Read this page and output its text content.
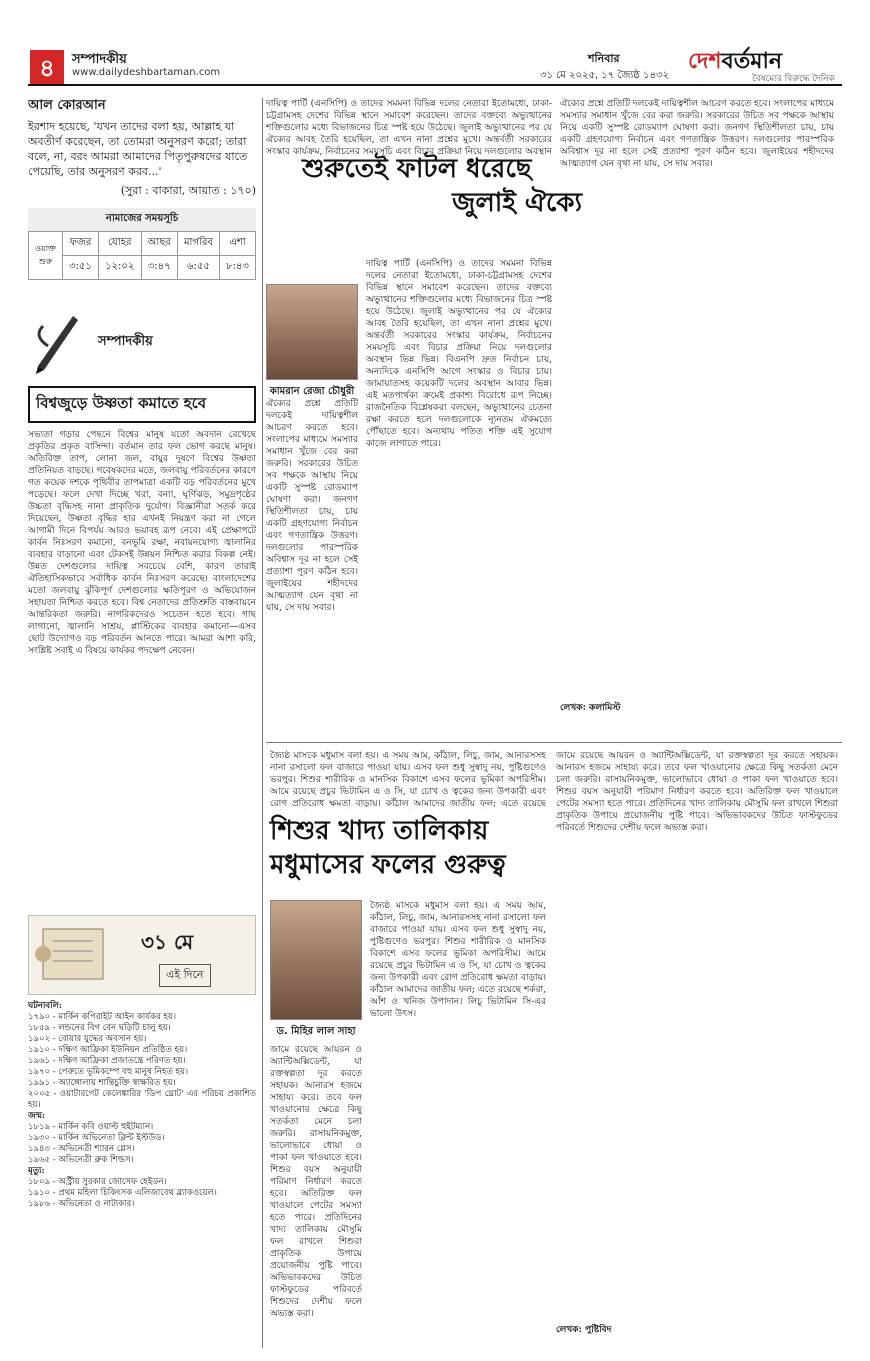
৪	সম্পাদকীয়
www.dailydeshbartaman.com
শনিবার
৩১ মে ২০২৫, ১৭ জ্যৈষ্ঠ ১৪৩২
দেশবর্তমান
বৈষম্যের বিরুদ্ধে দৈনিক
আল কোরআন
ইরশাদ হয়েছে, 'যখন তাদের বলা হয়, আল্লাহ যা অবতীর্ণ করেছেন, তা তোমরা অনুসরণ করো; তারা বলে, না, বরং আমরা আমাদের পিতৃপুরুষদের যাতে পেয়েছি, তার অনুসরণ করব...'
(সুরা : বাকারা, আয়াত : ১৭০)
নামাজের সময়সূচি
ওয়াক্ত শুরু	ফজর	যোহর	আছর	মাগরিব	এশা
	৩:৫১	১২:০২	৩:৪৭	৬:৫৫	৮:৪৩
সম্পাদকীয়
বিশ্বজুড়ে উষ্ণতা কমাতে হবে
সভ্যতা গড়ার পেছনে বিশ্বের মানুষ যতো অবদান রেখেছে প্রকৃতির প্রকৃত বাসিন্দা। বর্তমান তার ফল ভোগ করছে মানুষ। অতিরিক্ত তাপ, লোনা জল, বায়ুর দূষণে বিশ্বের উষ্ণতা প্রতিনিয়ত বাড়ছে। গবেষকদের মতে, জলবায়ু পরিবর্তনের কারণে গত কয়েক দশকে পৃথিবীর তাপমাত্রা একটি বড় পরিবর্তনের মুখে পড়েছে। ফলে দেখা দিচ্ছে খরা, বন্যা, ঘূর্ণিঝড়, সমুদ্রপৃষ্ঠের উচ্চতা বৃদ্ধিসহ নানা প্রাকৃতিক দুর্যোগ। বিজ্ঞানীরা সতর্ক করে দিয়েছেন, উষ্ণতা বৃদ্ধির হার এখনই নিয়ন্ত্রণ করা না গেলে আগামী দিনে বিপর্যয় আরও ভয়াবহ রূপ নেবে। এই প্রেক্ষাপটে কার্বন নিঃসরণ কমানো, বনভূমি রক্ষা, নবায়নযোগ্য জ্বালানির ব্যবহার বাড়ানো এবং টেকসই উন্নয়ন নিশ্চিত করার বিকল্প নেই। উন্নত দেশগুলোর দায়িত্ব সবচেয়ে বেশি, কারণ তারাই ঐতিহাসিকভাবে সর্বাধিক কার্বন নিঃসরণ করেছে। বাংলাদেশের মতো জলবায়ু ঝুঁকিপূর্ণ দেশগুলোর ক্ষতিপূরণ ও অভিযোজন সহায়তা নিশ্চিত করতে হবে। বিশ্ব নেতাদের প্রতিশ্রুতি বাস্তবায়নে আন্তরিকতা জরুরি। নাগরিকদেরও সচেতন হতে হবে। গাছ লাগানো, জ্বালানি সাশ্রয়, প্লাস্টিকের ব্যবহার কমানো—এসব ছোট উদ্যোগও বড় পরিবর্তন আনতে পারে। আমরা আশা করি, সংশ্লিষ্ট সবাই এ বিষয়ে কার্যকর পদক্ষেপ নেবেন।
৩১ মে
এই দিনে
ঘটনাবলি:
১৭৯০ - মার্কিন কপিরাইট আইন কার্যকর হয়।
১৮৫৯ - লন্ডনের বিগ বেন ঘড়িটি চালু হয়।
১৯০২ - বোয়ার যুদ্ধের অবসান হয়।
১৯১০ - দক্ষিণ আফ্রিকা ইউনিয়ন প্রতিষ্ঠিত হয়।
১৯৬১ - দক্ষিণ আফ্রিকা প্রজাতন্ত্রে পরিণত হয়।
১৯৭০ - পেরুতে ভূমিকম্পে বহু মানুষ নিহত হয়।
১৯৯১ - অ্যাঙ্গোলায় শান্তিচুক্তি স্বাক্ষরিত হয়।
২০০৫ - ওয়াটারগেট কেলেঙ্কারির 'ডিপ থ্রোট' এর পরিচয় প্রকাশিত হয়।
জন্ম:
১৮১৯ - মার্কিন কবি ওয়াল্ট হুইটম্যান।
১৯৩০ - মার্কিন অভিনেতা ক্লিন্ট ইস্টউড।
১৯৪৩ - অভিনেত্রী শ্যারন গ্লেস।
১৯৬৫ - অভিনেত্রী ব্রুক শিল্ডস।
মৃত্যু:
১৮০৯ - অস্ট্রীয় সুরকার জোসেফ হেইডন।
১৯১০ - প্রথম মহিলা চিকিৎসক এলিজাবেথ ব্ল্যাকওয়েল।
১৯৮৬ - অভিনেতা ও নাট্যকার।
দায়িত্ব পার্টি (এনসিপি) ও তাদের সমমনা বিভিন্ন দলের নেতারা ইতোমধ্যে, ঢাকা-চট্টগ্রামসহ দেশের বিভিন্ন স্থানে সমাবেশ করেছেন। তাদের বক্তব্যে অভ্যুত্থানের শক্তিগুলোর মধ্যে বিভাজনের চিত্র স্পষ্ট হয়ে উঠেছে। জুলাই অভ্যুত্থানের পর যে ঐক্যের আবহ তৈরি হয়েছিল, তা এখন নানা প্রশ্নের মুখে। অন্তর্বর্তী সরকারের সংস্কার কার্যক্রম, নির্বাচনের সময়সূচি এবং বিচার প্রক্রিয়া নিয়ে দলগুলোর অবস্থান
শুরুতেই ফাটল ধরেছে
জুলাই ঐক্যে
কামরান রেজা চৌধুরী
দায়িত্ব পার্টি (এনসিপি) ও তাদের সমমনা বিভিন্ন দলের নেতারা ইতোমধ্যে, ঢাকা-চট্টগ্রামসহ দেশের বিভিন্ন স্থানে সমাবেশ করেছেন। তাদের বক্তব্যে অভ্যুত্থানের শক্তিগুলোর মধ্যে বিভাজনের চিত্র স্পষ্ট হয়ে উঠেছে। জুলাই অভ্যুত্থানের পর যে ঐক্যের আবহ তৈরি হয়েছিল, তা এখন নানা প্রশ্নের মুখে। অন্তর্বর্তী সরকারের সংস্কার কার্যক্রম, নির্বাচনের সময়সূচি এবং বিচার প্রক্রিয়া নিয়ে দলগুলোর অবস্থান ভিন্ন ভিন্ন। বিএনপি দ্রুত নির্বাচন চায়, অন্যদিকে এনসিপি আগে সংস্কার ও বিচার চায়। জামায়াতসহ কয়েকটি দলের অবস্থান আবার ভিন্ন। এই মতপার্থক্য ক্রমেই প্রকাশ্য বিরোধে রূপ নিচ্ছে। রাজনৈতিক বিশ্লেষকরা বলছেন, অভ্যুত্থানের চেতনা রক্ষা করতে হলে দলগুলোকে ন্যূনতম ঐকমত্যে পৌঁছাতে হবে। অন্যথায় পতিত শক্তি এই সুযোগ কাজে লাগাতে পারে।
ঐক্যের প্রশ্নে প্রতিটি দলকেই দায়িত্বশীল আচরণ করতে হবে। সংলাপের মাধ্যমে সমস্যার সমাধান খুঁজে বের করা জরুরি। সরকারের উচিত সব পক্ষকে আস্থায় নিয়ে একটি সুস্পষ্ট রোডম্যাপ ঘোষণা করা। জনগণ স্থিতিশীলতা চায়, চায় একটি গ্রহণযোগ্য নির্বাচন এবং গণতান্ত্রিক উত্তরণ। দলগুলোর পারস্পরিক অবিশ্বাস দূর না হলে সেই প্রত্যাশা পূরণ কঠিন হবে। জুলাইয়ের শহীদদের আত্মত্যাগ যেন বৃথা না যায়, সে দায় সবার।
ঐক্যের প্রশ্নে প্রতিটি দলকেই দায়িত্বশীল আচরণ করতে হবে। সংলাপের মাধ্যমে সমস্যার সমাধান খুঁজে বের করা জরুরি। সরকারের উচিত সব পক্ষকে আস্থায় নিয়ে একটি সুস্পষ্ট রোডম্যাপ ঘোষণা করা। জনগণ স্থিতিশীলতা চায়, চায় একটি গ্রহণযোগ্য নির্বাচন এবং গণতান্ত্রিক উত্তরণ। দলগুলোর পারস্পরিক অবিশ্বাস দূর না হলে সেই প্রত্যাশা পূরণ কঠিন হবে। জুলাইয়ের শহীদদের আত্মত্যাগ যেন বৃথা না যায়, সে দায় সবার।
লেখক: কলামিস্ট
শিশুর খাদ্য তালিকায়
মধুমাসের ফলের গুরুত্ব
জ্যৈষ্ঠ মাসকে মধুমাস বলা হয়। এ সময় আম, কাঁঠাল, লিচু, জাম, আনারসসহ নানা রসালো ফল বাজারে পাওয়া যায়। এসব ফল শুধু সুস্বাদু নয়, পুষ্টিগুণেও ভরপুর। শিশুর শারীরিক ও মানসিক বিকাশে এসব ফলের ভূমিকা অপরিসীম। আমে রয়েছে প্রচুর ভিটামিন এ ও সি, যা চোখ ও ত্বকের জন্য উপকারী এবং রোগ প্রতিরোধ ক্ষমতা বাড়ায়। কাঁঠাল আমাদের জাতীয় ফল; এতে রয়েছে
ড. মিহির লাল সাহা
জ্যৈষ্ঠ মাসকে মধুমাস বলা হয়। এ সময় আম, কাঁঠাল, লিচু, জাম, আনারসসহ নানা রসালো ফল বাজারে পাওয়া যায়। এসব ফল শুধু সুস্বাদু নয়, পুষ্টিগুণেও ভরপুর। শিশুর শারীরিক ও মানসিক বিকাশে এসব ফলের ভূমিকা অপরিসীম। আমে রয়েছে প্রচুর ভিটামিন এ ও সি, যা চোখ ও ত্বকের জন্য উপকারী এবং রোগ প্রতিরোধ ক্ষমতা বাড়ায়। কাঁঠাল আমাদের জাতীয় ফল; এতে রয়েছে শর্করা, আঁশ ও খনিজ উপাদান। লিচু ভিটামিন সি-এর ভালো উৎস।
জামে রয়েছে আয়রন ও অ্যান্টিঅক্সিডেন্ট, যা রক্তস্বল্পতা দূর করতে সহায়ক। আনারস হজমে সাহায্য করে। তবে ফল খাওয়ানোর ক্ষেত্রে কিছু সতর্কতা মেনে চলা জরুরি। রাসায়নিকমুক্ত, ভালোভাবে ধোয়া ও পাকা ফল খাওয়াতে হবে। শিশুর বয়স অনুযায়ী পরিমাণ নির্ধারণ করতে হবে। অতিরিক্ত ফল খাওয়ালে পেটের সমস্যা হতে পারে। প্রতিদিনের খাদ্য তালিকায় মৌসুমি ফল রাখলে শিশুরা প্রাকৃতিক উপায়ে প্রয়োজনীয় পুষ্টি পাবে। অভিভাবকদের উচিত ফাস্টফুডের পরিবর্তে শিশুদের দেশীয় ফলে অভ্যস্ত করা।
জামে রয়েছে আয়রন ও অ্যান্টিঅক্সিডেন্ট, যা রক্তস্বল্পতা দূর করতে সহায়ক। আনারস হজমে সাহায্য করে। তবে ফল খাওয়ানোর ক্ষেত্রে কিছু সতর্কতা মেনে চলা জরুরি। রাসায়নিকমুক্ত, ভালোভাবে ধোয়া ও পাকা ফল খাওয়াতে হবে। শিশুর বয়স অনুযায়ী পরিমাণ নির্ধারণ করতে হবে। অতিরিক্ত ফল খাওয়ালে পেটের সমস্যা হতে পারে। প্রতিদিনের খাদ্য তালিকায় মৌসুমি ফল রাখলে শিশুরা প্রাকৃতিক উপায়ে প্রয়োজনীয় পুষ্টি পাবে। অভিভাবকদের উচিত ফাস্টফুডের পরিবর্তে শিশুদের দেশীয় ফলে অভ্যস্ত করা।
লেখক: পুষ্টিবিদ
